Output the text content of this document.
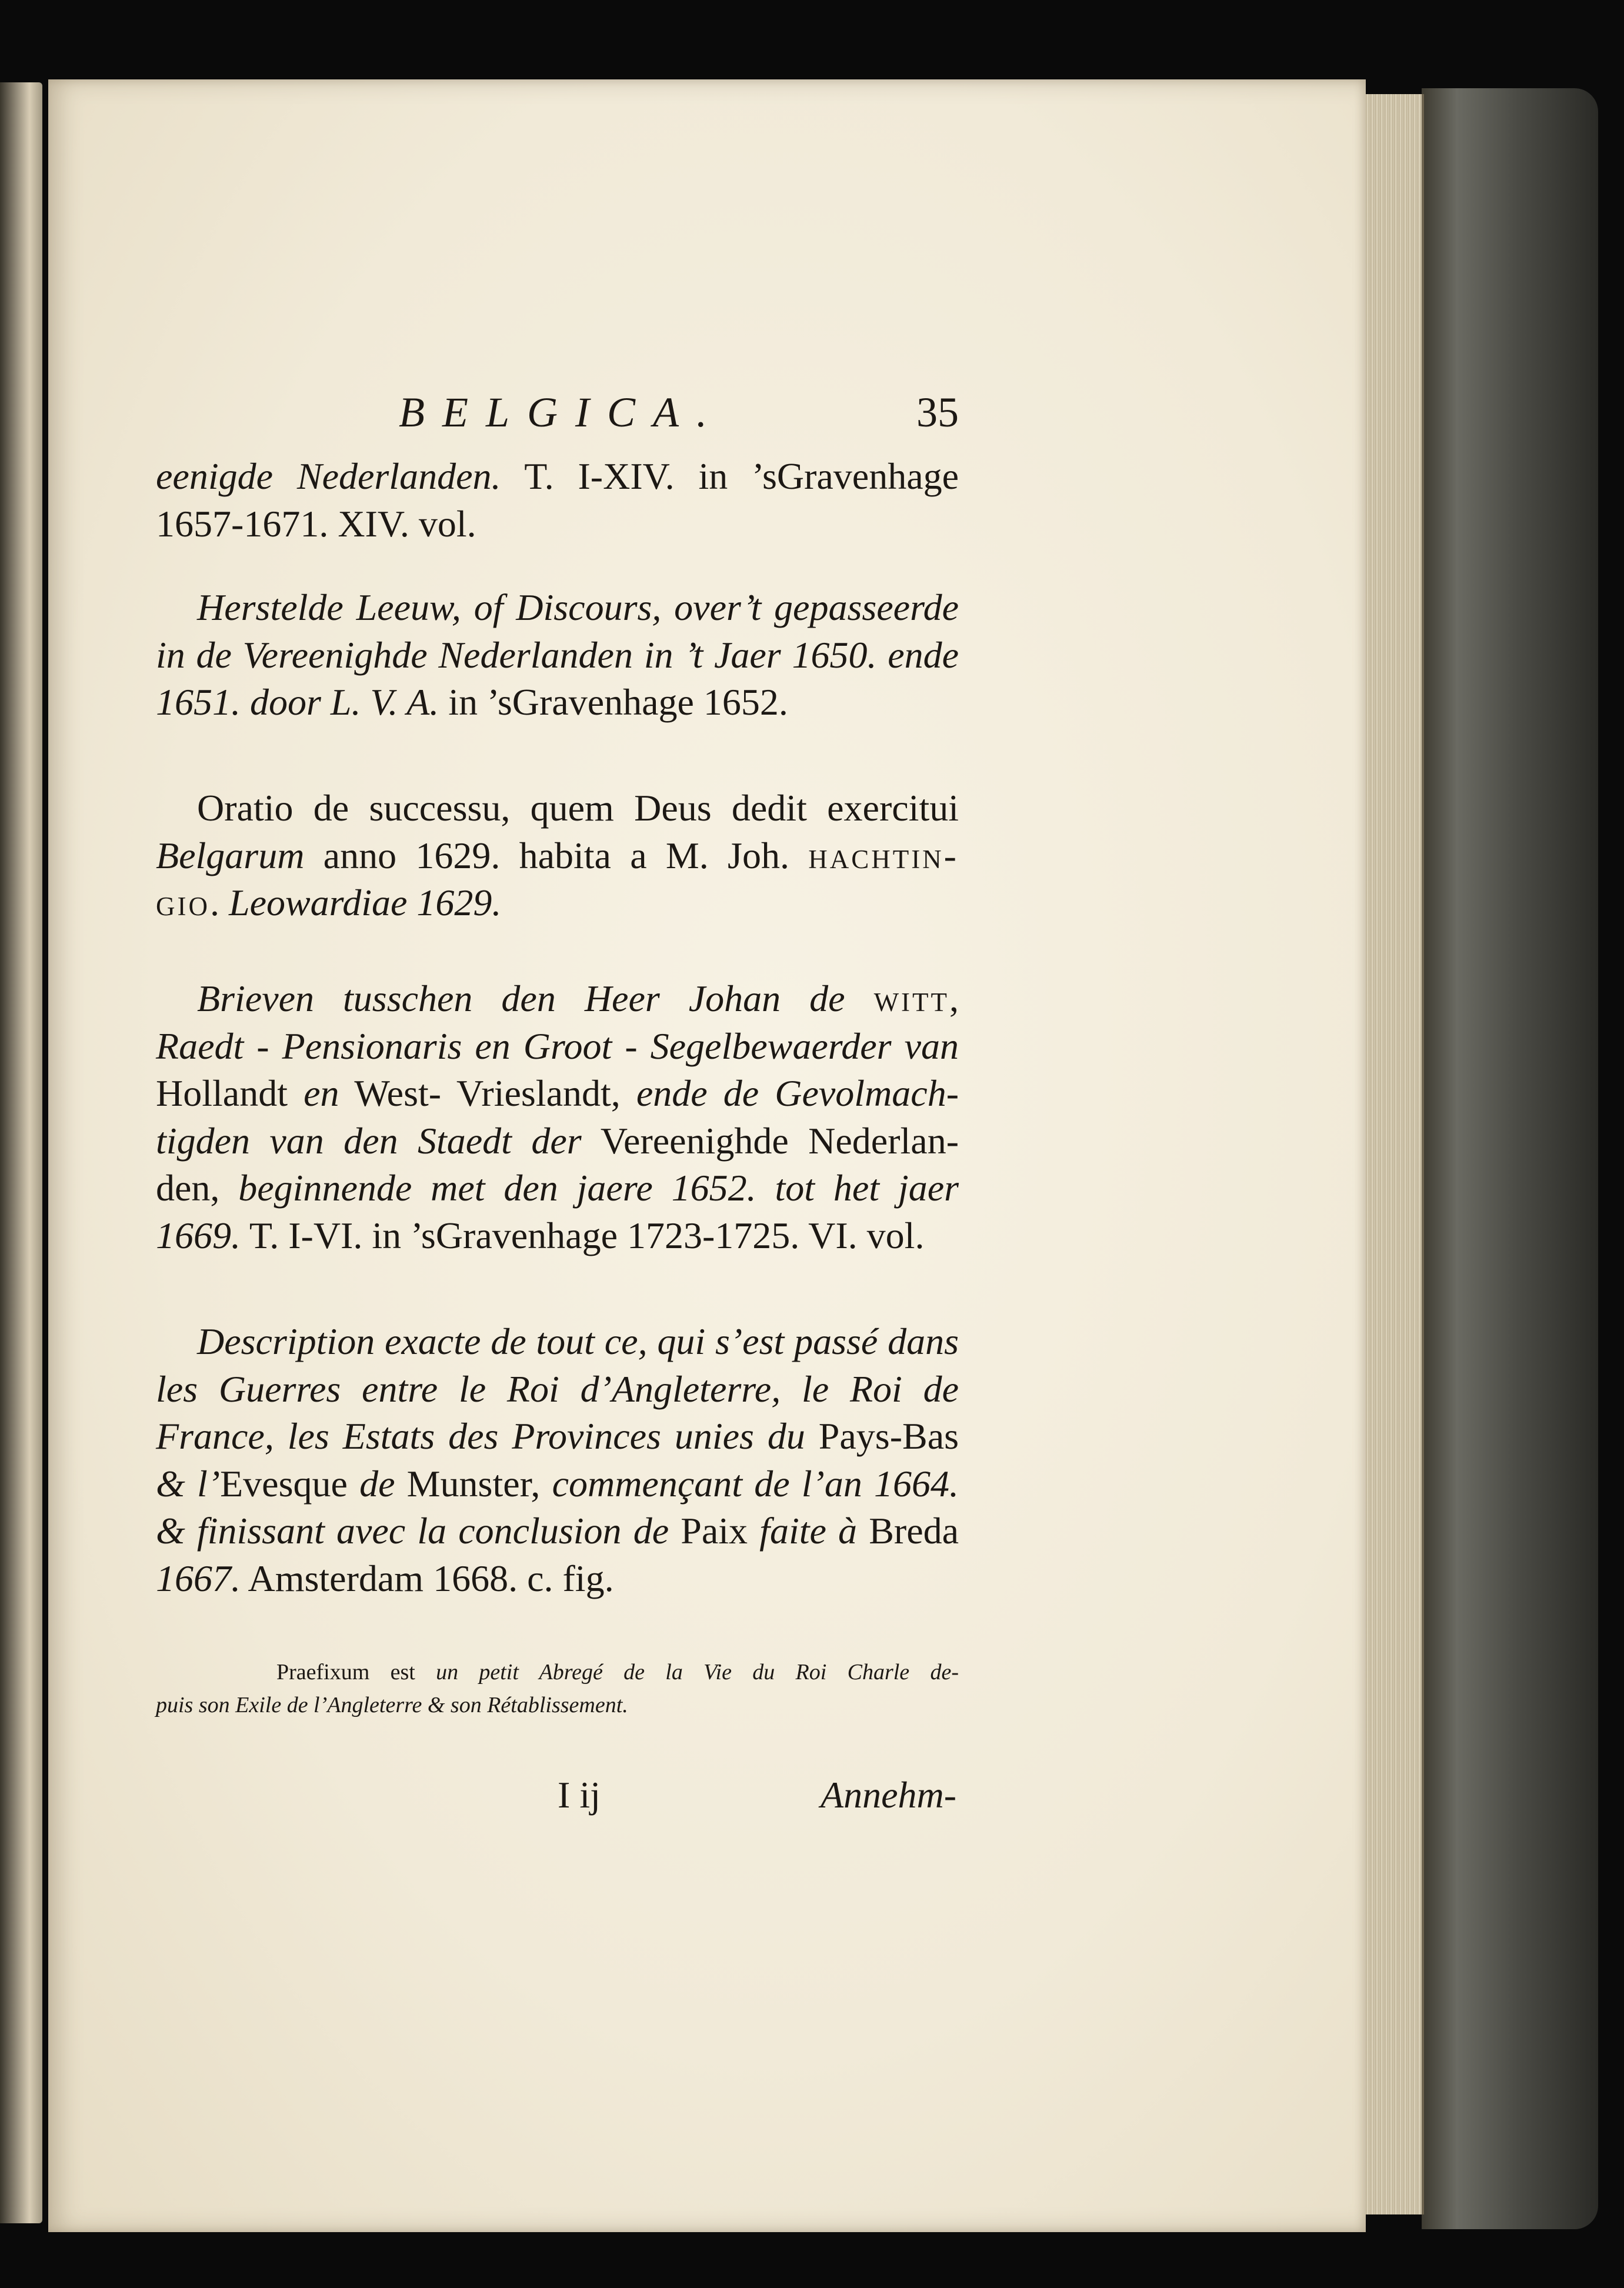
BELGICA.	35
eenigde Nederlanden. T. I-XIV. in ’sGravenhage
1657-1671. XIV. vol.
Herstelde Leeuw, of Discours, over’t gepasseerde
in de Vereenighde Nederlanden in ’t Jaer 1650. ende
1651. door L. V. A. in ’sGravenhage 1652.
Oratio de successu, quem Deus dedit exercitui
Belgarum anno 1629. habita a M. Joh. hachtin-
gio. Leowardiae 1629.
Brieven tusschen den Heer Johan de witt,
Raedt - Pensionaris en Groot - Segelbewaerder van
Hollandt en West- Vrieslandt, ende de Gevolmach-
tigden van den Staedt der Vereenighde Nederlan-
den, beginnende met den jaere 1652. tot het jaer
1669. T. I-VI. in ’sGravenhage 1723-1725. VI. vol.
Description exacte de tout ce, qui s’est passé dans
les Guerres entre le Roi d’Angleterre, le Roi de
France, les Estats des Provinces unies du Pays-Bas
& l’Evesque de Munster, commençant de l’an 1664.
& finissant avec la conclusion de Paix faite à Breda
1667. Amsterdam 1668. c. fig.
Praefixum est un petit Abregé de la Vie du Roi Charle de-
puis son Exile de l’Angleterre & son Rétablissement.
I ij	Annehm-
